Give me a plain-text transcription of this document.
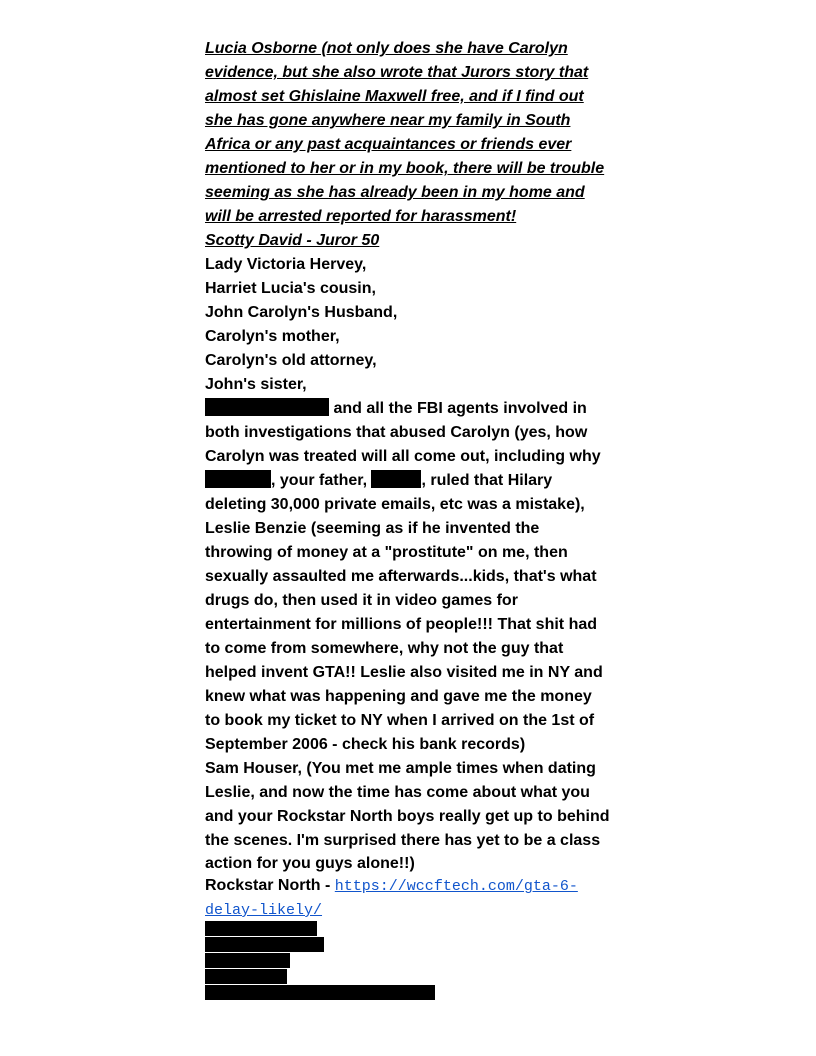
Lucia Osborne (not only does she have Carolyn
evidence, but she also wrote that Jurors story that
almost set Ghislaine Maxwell free, and if I find out
she has gone anywhere near my family in South
Africa or any past acquaintances or friends ever
mentioned to her or in my book, there will be trouble
seeming as she has already been in my home and
will be arrested reported for harassment!
Scotty David - Juror 50
Lady Victoria Hervey,
Harriet Lucia's cousin,
John Carolyn's Husband,
Carolyn's mother,
Carolyn's old attorney,
John's sister,
and all the FBI agents involved in
both investigations that abused Carolyn (yes, how
Carolyn was treated will all come out, including why
, your father,	, ruled that Hilary
deleting 30,000 private emails, etc was a mistake),
Leslie Benzie (seeming as if he invented the
throwing of money at a "prostitute" on me, then
sexually assaulted me afterwards...kids, that's what
drugs do, then used it in video games for
entertainment for millions of people!!! That shit had
to come from somewhere, why not the guy that
helped invent GTA!! Leslie also visited me in NY and
knew what was happening and gave me the money
to book my ticket to NY when I arrived on the 1st of
September 2006 - check his bank records)
Sam Houser, (You met me ample times when dating
Leslie, and now the time has come about what you
and your Rockstar North boys really get up to behind
the scenes. I'm surprised there has yet to be a class
action for you guys alone!!)
Rockstar North - https://wccftech.com/gta-6-
delay-likely/
